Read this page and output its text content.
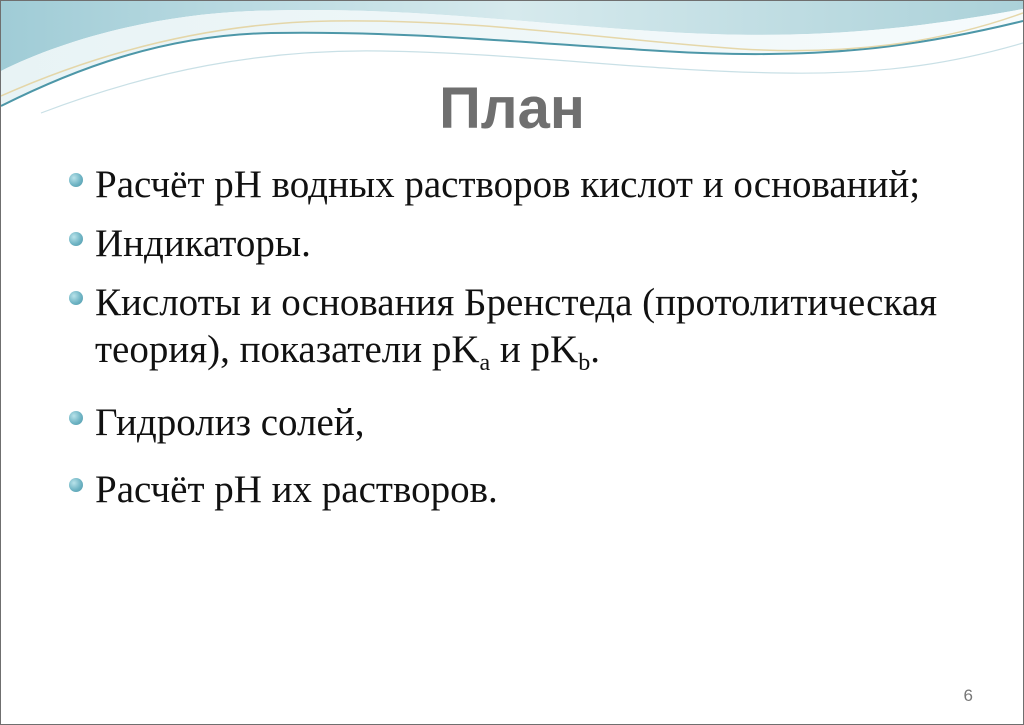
План
Расчёт pH водных растворов кислот и оснований;
Индикаторы.
Кислоты и основания Бренстеда (протолитическая теория), показатели $pK_a$ и $pK_b$.
Гидролиз солей,
Расчёт pH их растворов.
6
